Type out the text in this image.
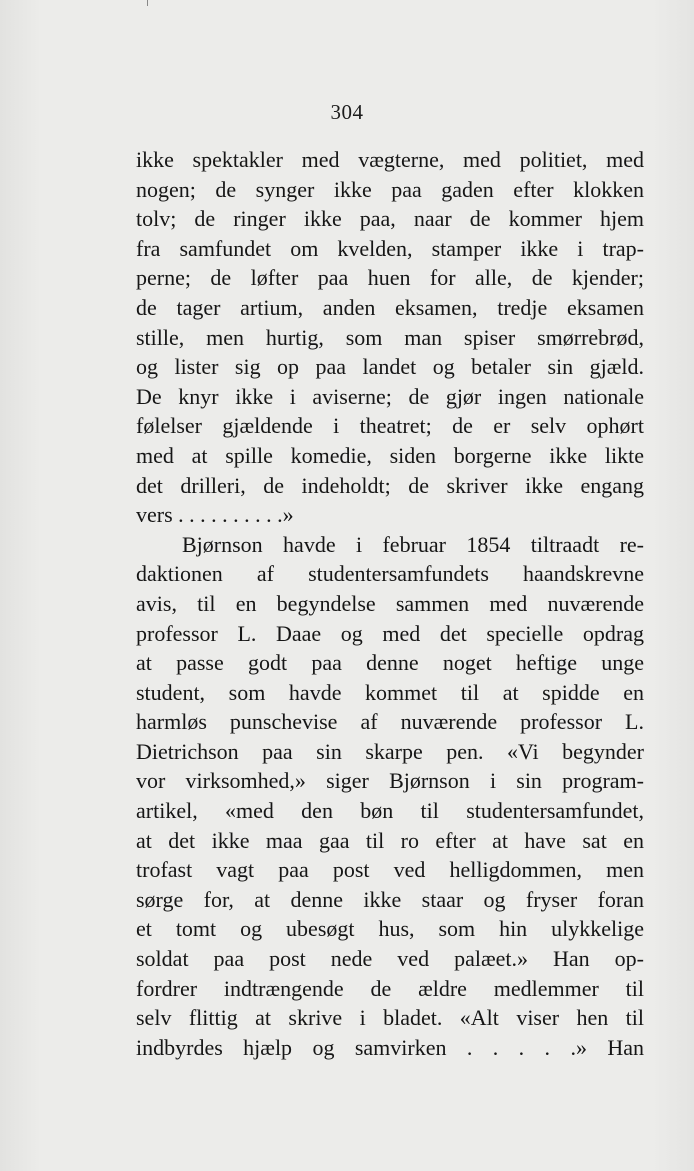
304
ikke spektakler med vægterne, med politiet, med
nogen; de synger ikke paa gaden efter klokken
tolv; de ringer ikke paa, naar de kommer hjem
fra samfundet om kvelden, stamper ikke i trap-
perne; de løfter paa huen for alle, de kjender;
de tager artium, anden eksamen, tredje eksamen
stille, men hurtig, som man spiser smørrebrød,
og lister sig op paa landet og betaler sin gjæld.
De knyr ikke i aviserne; de gjør ingen nationale
følelser gjældende i theatret; de er selv ophørt
med at spille komedie, siden borgerne ikke likte
det drilleri, de indeholdt; de skriver ikke engang
vers . . . . . . . . . .»
Bjørnson havde i februar 1854 tiltraadt re-
daktionen af studentersamfundets haandskrevne
avis, til en begyndelse sammen med nuværende
professor L. Daae og med det specielle opdrag
at passe godt paa denne noget heftige unge
student, som havde kommet til at spidde en
harmløs punschevise af nuværende professor L.
Dietrichson paa sin skarpe pen. «Vi begynder
vor virksomhed,» siger Bjørnson i sin program-
artikel, «med den bøn til studentersamfundet,
at det ikke maa gaa til ro efter at have sat en
trofast vagt paa post ved helligdommen, men
sørge for, at denne ikke staar og fryser foran
et tomt og ubesøgt hus, som hin ulykkelige
soldat paa post nede ved palæet.» Han op-
fordrer indtrængende de ældre medlemmer til
selv flittig at skrive i bladet. «Alt viser hen til
indbyrdes hjælp og samvirken . . . . .» Han
